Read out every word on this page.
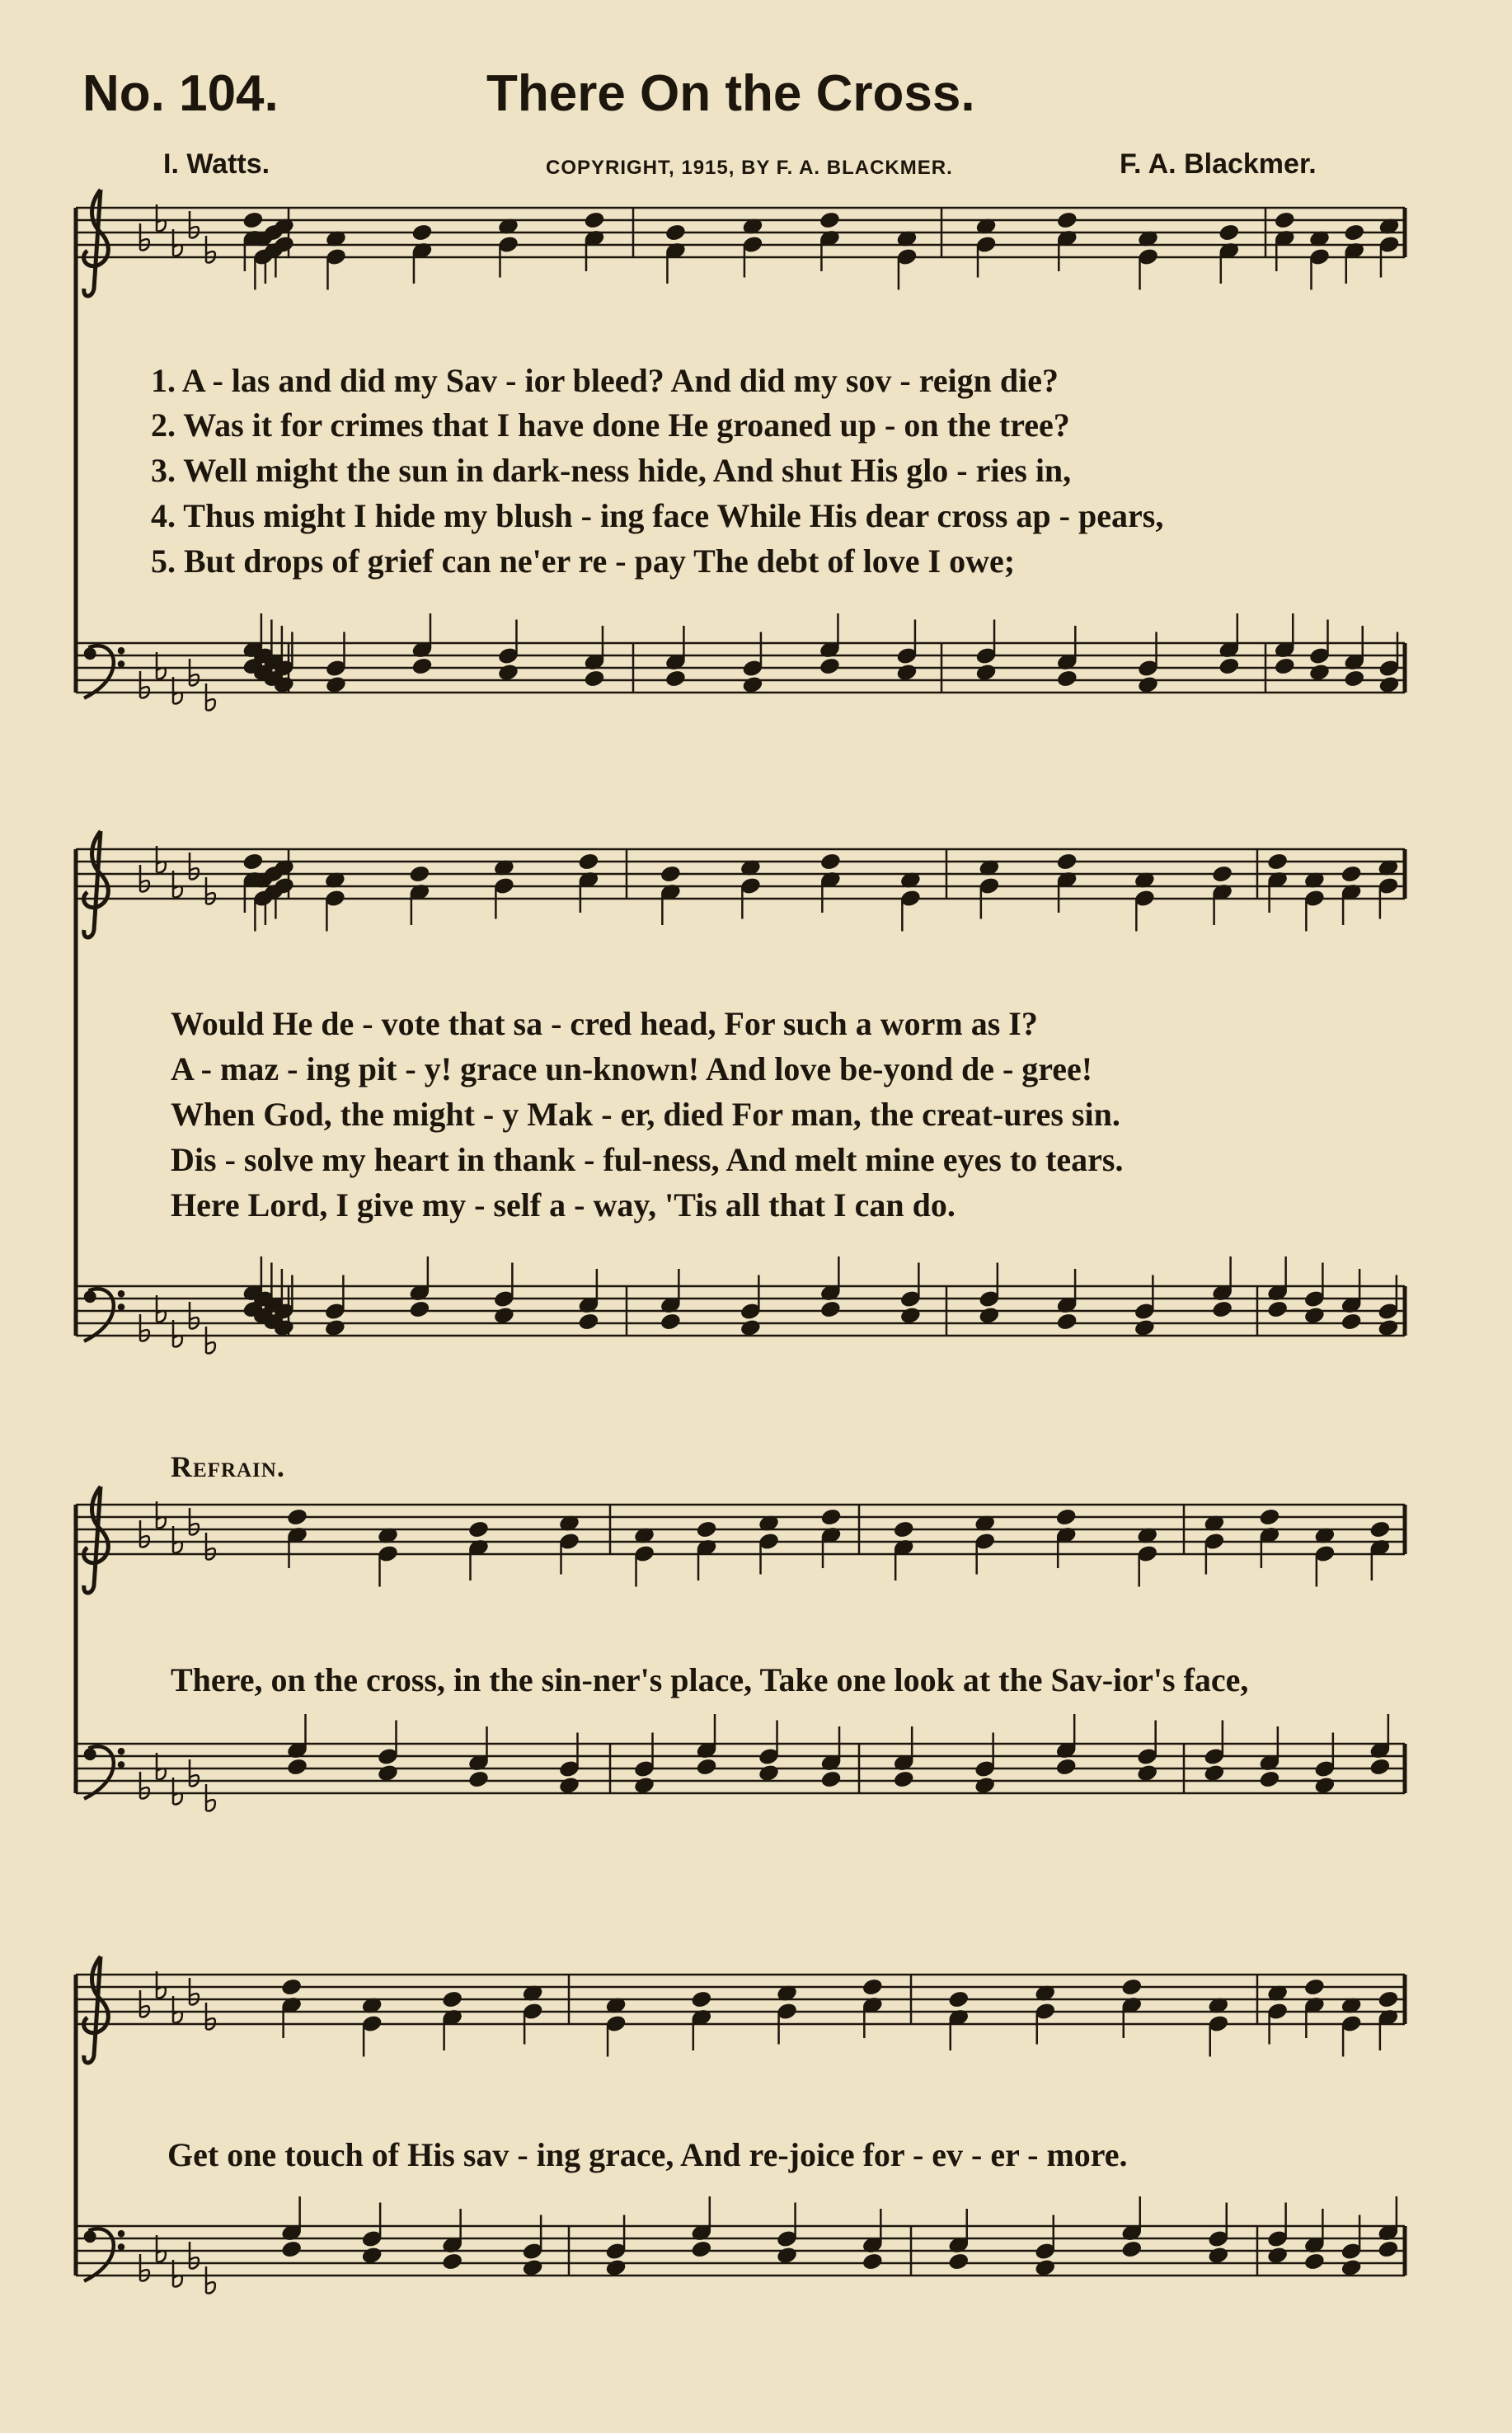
No. 104.	There On the Cross.
I. Watts.	COPYRIGHT, 1915, BY F. A. BLACKMER.	F. A. Blackmer.
1. A - las and did my Sav - ior bleed? And did my sov - reign die?
2. Was it for crimes that I have done He groaned up - on the tree?
3. Well might the sun in dark-ness hide, And shut His glo - ries in,
4. Thus might I hide my blush - ing face While His dear cross ap - pears,
5. But drops of grief can ne'er re - pay The debt of love I owe;
Would He de - vote that sa - cred head, For such a worm as I?
A - maz - ing pit - y! grace un-known! And love be-yond de - gree!
When God, the might - y Mak - er, died For man, the creat-ures sin.
Dis - solve my heart in thank - ful-ness, And melt mine eyes to tears.
Here Lord, I give my - self a - way, 'Tis all that I can do.
Refrain.
There, on the cross, in the sin-ner's place, Take one look at the Sav-ior's face,
Get one touch of His sav - ing grace, And re-joice for - ev - er - more.
